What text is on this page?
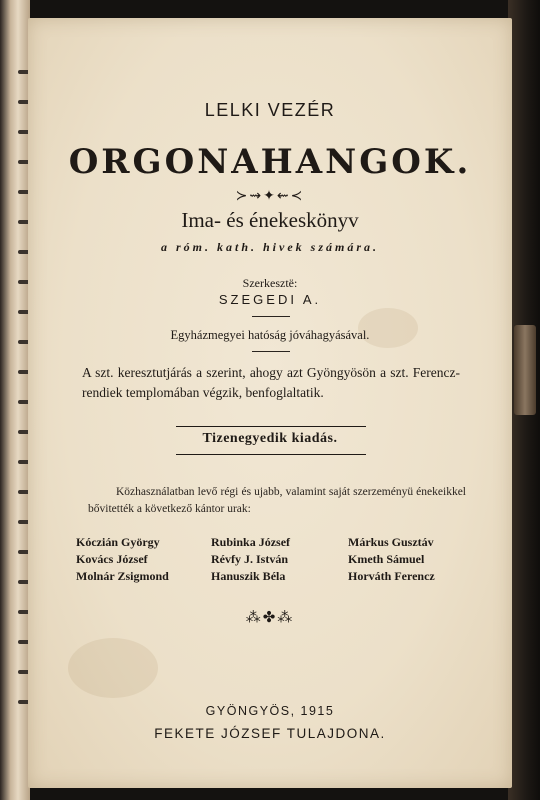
LELKI VEZÉR
ORGONAHANGOK.
≻⇝✦⇜≺
Ima- és énekeskönyv
a róm. kath. hivek számára.
Szerkesztë:
SZEGEDI A.
Egyházmegyei hatóság jóváhagyásával.
A szt. keresztutjárás a szerint, ahogy azt Gyöngyösön a szt. Ferencz-rendiek templomában végzik, benfoglaltatik.
Tizenegyedik kiadás.
Közhasználatban levő régi és ujabb, valamint saját szerzeményü énekeikkel bővitették a következő kántor urak:
Kóczián György	Rubinka József	Márkus Gusztáv
Kovács József	Révfy J. István	Kmeth Sámuel
Molnár Zsigmond	Hanuszik Béla	Horváth Ferencz
⁂✤⁂
GYÖNGYÖS, 1915
FEKETE JÓZSEF TULAJDONA.
